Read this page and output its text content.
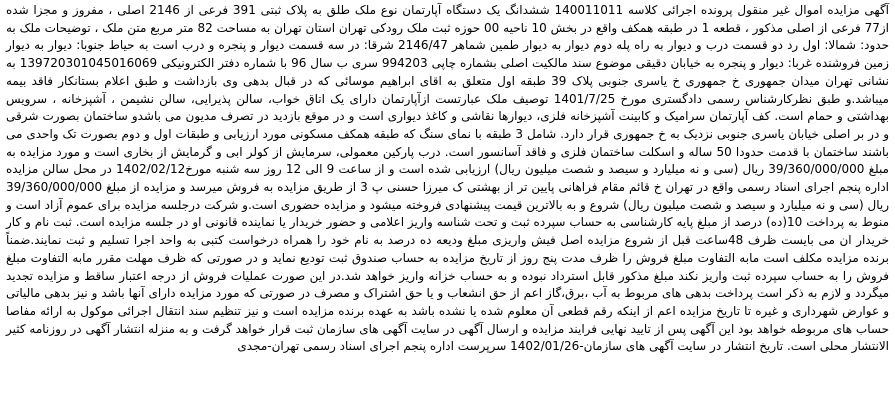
آگهی مزایده اموال غیر منقول پرونده اجرائی کلاسه 140011011 ششدانگ یک دستگاه آپارتمان نوع ملک طلق به پلاک ثبتی 391 فرعی از 2146 اصلی ، مفروز و مجزا شده از77 فرعی از اصلی مذکور ، قطعه 1 در طبقه همکف واقع در بخش 10 ناحیه 00 حوزه ثبت ملک رودکی تهران استان تهران به مساحت 82 متر مربع متن ملک ، توضیحات ملک به حدود: شمالا: اول رد دو قسمت درب و دیوار به راه پله دوم دیوار به دیوار طمین شماهر 2146/47 شرقا: در سه قسمت دیوار و پنجره و درب است به حیاط جنوبا: دیوار به دیوار زمین فروشنده غربا: دیوار و پنجره به خیابان دقیقی موضوع سند مالکیت اصلی بشماره چاپی 994203 سری ب سال 96 با شماره دفتر الکترونیکی 139720301045016069 به نشانی تهران میدان جمهوری خ جمهوری خ یاسری جنوبی پلاک 39 طبقه اول متعلق به اقای ابراهیم موسائی که در قبال بدهی وی بازداشت و طبق اعلام بستانکار فاقد بیمه میباشد.و طبق نظرکارشناس رسمی دادگستری مورخ 1401/7/25 توصیف ملک عبارتست ازآپارتمان دارای یک اتاق خواب، سالن پذیرایی، سالن نشیمن ، آشپزخانه ، سرویس بهداشتی و حمام است. کف آپارتمان سرامیک و کابینت آشپزخانه فلزی، دیوارها نقاشی و کاغذ دیواری است و در موقع بازدید در تصرف مدیون می باشدو ساختمان بصورت شرقی و در بر اصلی خیابان یاسری جنوبی نزدیک به خ جمهوری قرار دارد. شامل 3 طبقه با نمای سنگ که طبقه همکف مسکونی مورد ارزیابی و طبقات اول و دوم بصورت تک واحدی می باشند ساختمان با قدمت حدودا 50 ساله و اسکلت ساختمان فلزی و فاقد آسانسور است. درب پارکین معمولی، سرمایش از کولر ابی و گرمایش از بخاری است و مورد مزایده به مبلغ 39/360/000/000 ریال (سی و نه میلیارد و سیصد و شصت میلیون ریال) ارزیابی شده است و از ساعت 9 الی 12 روز سه شنبه مورخ1402/02/12 در محل سالن مزایده اداره پنجم اجرای اسناد رسمی واقع در تهران خ قائم مقام فراهانی پایین تر از بهشتی ک میرزا حسنی پ 3 از طریق مزایده به فروش میرسد و مزایده از مبلغ 39/360/000/000 ریال (سی و نه میلیارد و سیصد و شصت میلیون ریال) شروع و به بالاترین قیمت پیشنهادی فروخته میشود و مزایده حضوری است.و شرکت درجلسه مزایده برای عموم آزاد است و منوط به پرداخت 10(ده) درصد از مبلغ پایه کارشناسی به حساب سپرده ثبت و تحت شناسه واریز اعلامی و حضور خریدار یا نماینده قانونی او در جلسه مزایده است. ثبت نام و کار خریدار ان می بایست ظرف 48ساعت قبل از شروع مزایده اصل فیش واریزی مبلغ ودیعه ده درصد به نام خود را همراه درخواست کتبی به واحد اجرا تسلیم و ثبت نمایند.ضمناً برنده مزایده مکلف است مابه التفاوت مبلغ فروش را ظرف مدت پنج روز از تاریخ مزایده به حساب صندوق ثبت تودیع نماید و در صورتی که ظرف مهلت مقرر مابه التفاوت مبلغ فروش را به حساب سپرده ثبت واریز نکند مبلغ مذکور قابل استرداد نبوده و به حساب خزانه واریز خواهد شد.در این صورت عملیات فروش از درجه اعتبار ساقط و مزایده تجدید میگردد و لازم به ذکر است پرداخت بدهی های مربوط به آب ،برق،گاز اعم از حق انشعاب و یا حق اشتراک و مصرف در صورتی که مورد مزایده دارای آنها باشد و نیز بدهی مالیاتی و عوارض شهرداری و غیره تا تاریخ مزایده اعم از اینکه رقم قطعی آن معلوم شده یا نشده باشد به عهده برنده مزایده است و نیز تنظیم سند انتقال اجرائی موکول به ارائه مفاصا حساب های مربوطه خواهد بود این آگهی پس از تایید نهایی فرایند مزایده و ارسال آگهی در سایت آگهی های سازمان ثبت قرار خواهد گرفت و به منزله انتشار آگهی در روزنامه کثیر الانتشار محلی است. تاریخ انتشار در سایت آگهی های سازمان-1402/01/26 سرپرست اداره پنجم اجرای اسناد رسمی تهران-مجدی
